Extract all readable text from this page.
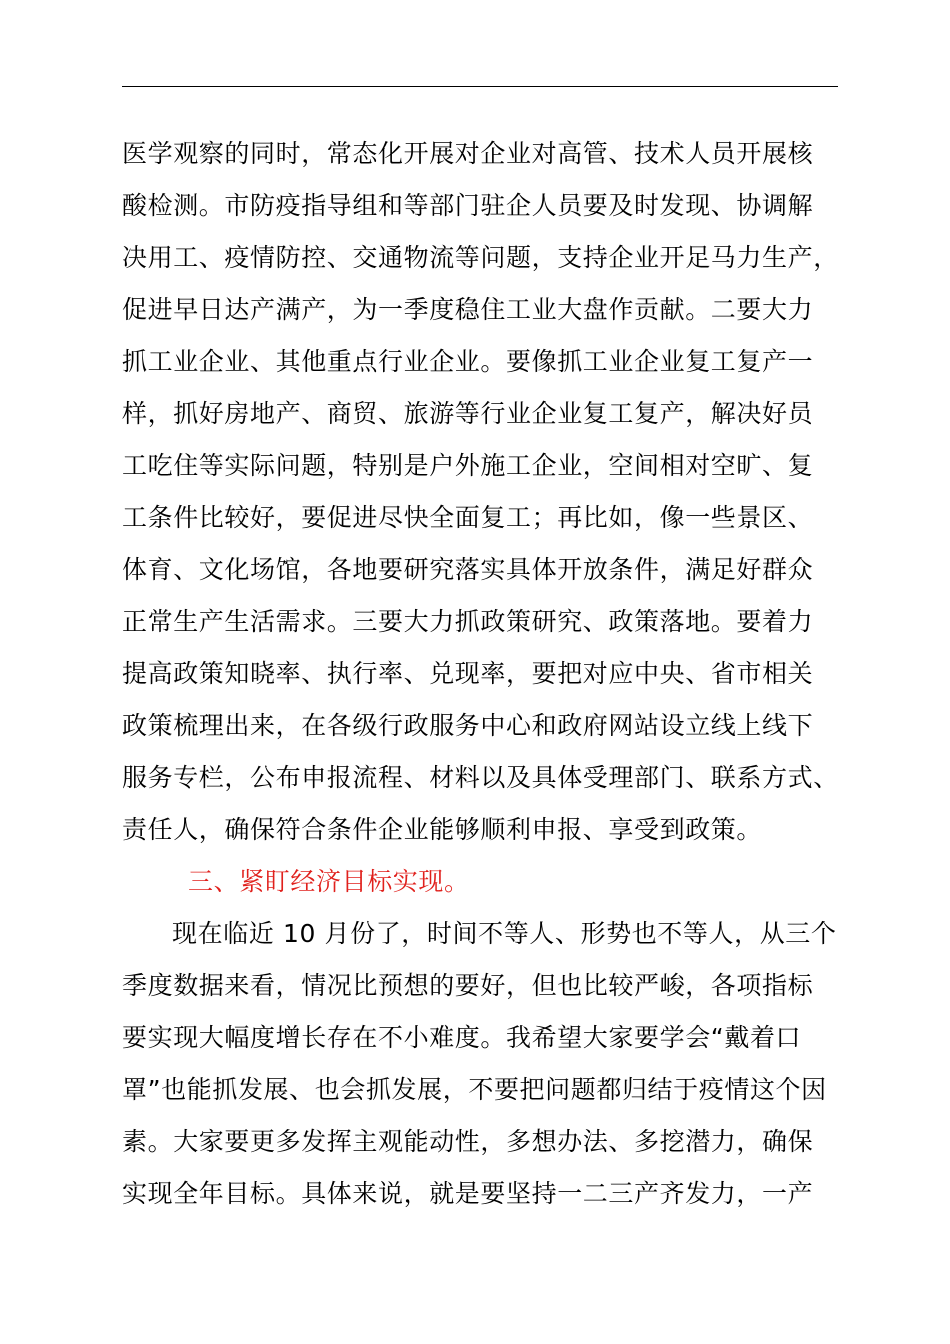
医学观察的同时，常态化开展对企业对高管、技术人员开展核
酸检测。市防疫指导组和等部门驻企人员要及时发现、协调解
决用工、疫情防控、交通物流等问题，支持企业开足马力生产，
促进早日达产满产，为一季度稳住工业大盘作贡献。二要大力
抓工业企业、其他重点行业企业。要像抓工业企业复工复产一
样，抓好房地产、商贸、旅游等行业企业复工复产，解决好员
工吃住等实际问题，特别是户外施工企业，空间相对空旷、复
工条件比较好，要促进尽快全面复工；再比如，像一些景区、
体育、文化场馆，各地要研究落实具体开放条件，满足好群众
正常生产生活需求。三要大力抓政策研究、政策落地。要着力
提高政策知晓率、执行率、兑现率，要把对应中央、省市相关
政策梳理出来，在各级行政服务中心和政府网站设立线上线下
服务专栏，公布申报流程、材料以及具体受理部门、联系方式、
责任人，确保符合条件企业能够顺利申报、享受到政策。
三、紧盯经济目标实现。
现在临近 10 月份了，时间不等人、形势也不等人，从三个
季度数据来看，情况比预想的要好，但也比较严峻，各项指标
要实现大幅度增长存在不小难度。我希望大家要学会“戴着口
罩”也能抓发展、也会抓发展，不要把问题都归结于疫情这个因
素。大家要更多发挥主观能动性，多想办法、多挖潜力，确保
实现全年目标。具体来说，就是要坚持一二三产齐发力，一产
